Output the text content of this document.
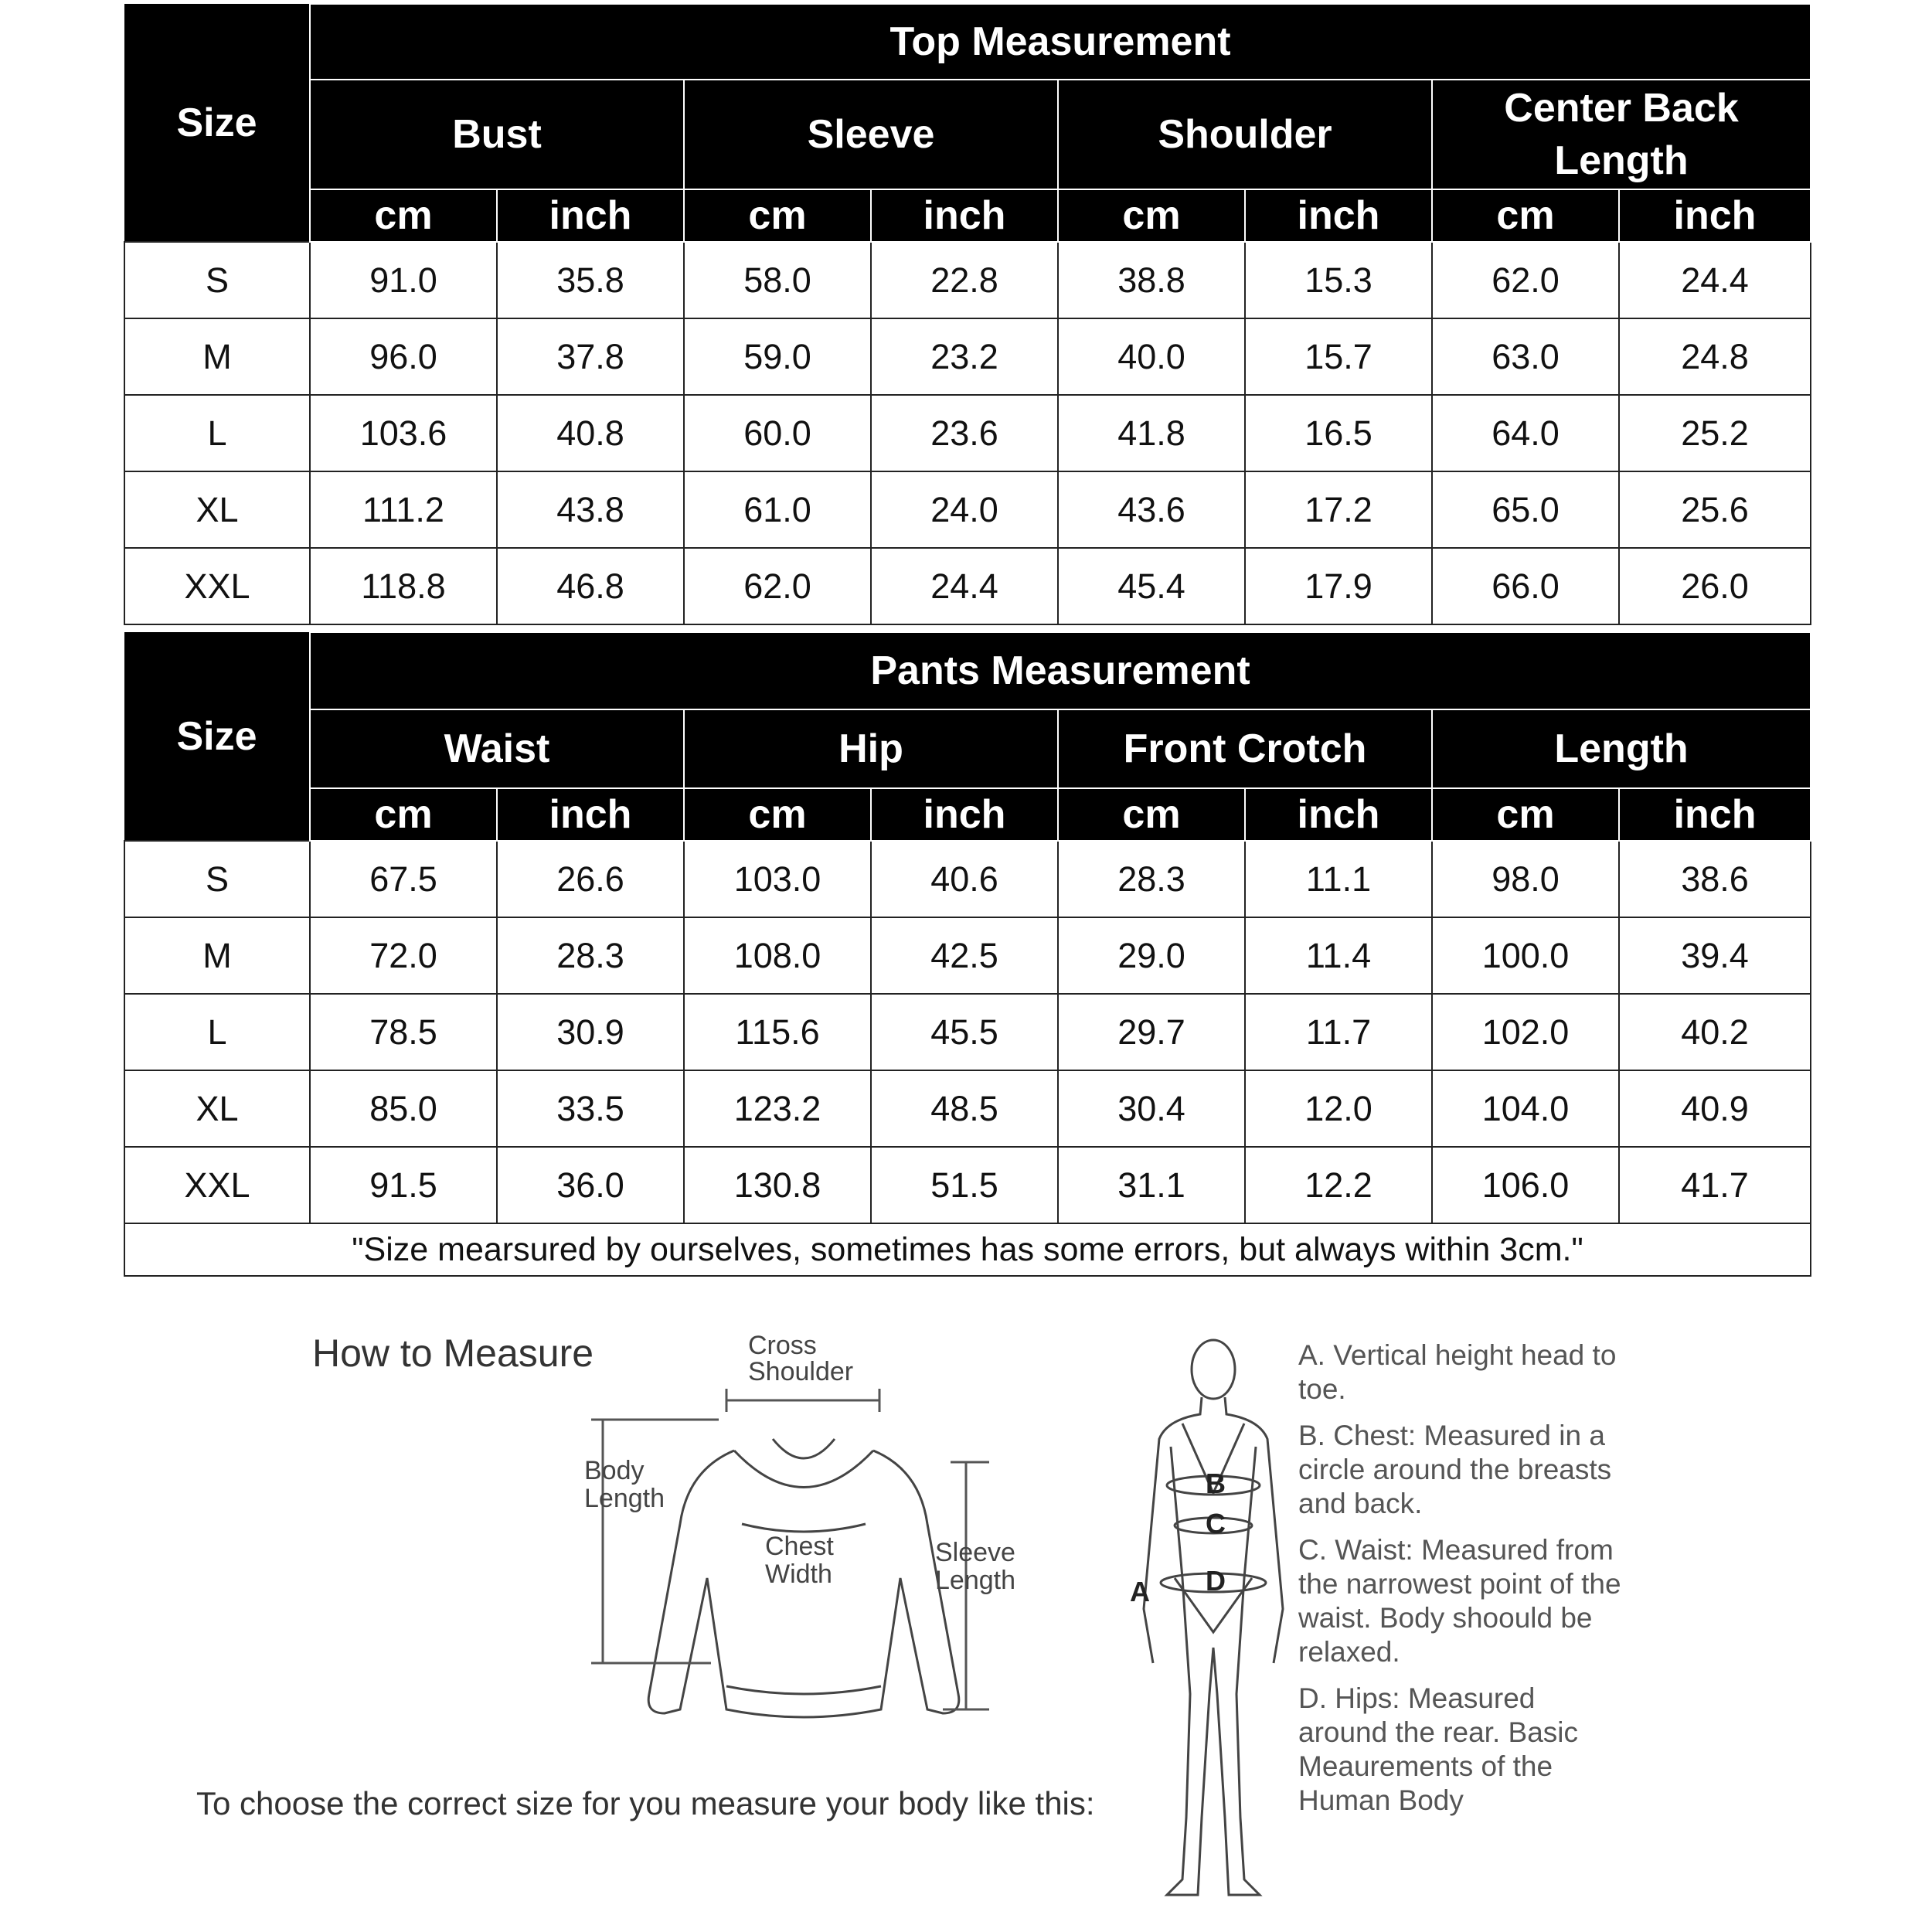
Size	Top Measurement							
	Bust		Sleeve		Shoulder		Center Back Length	
	cm	inch	cm	inch	cm	inch	cm	inch
S	91.0	35.8	58.0	22.8	38.8	15.3	62.0	24.4
M	96.0	37.8	59.0	23.2	40.0	15.7	63.0	24.8
L	103.6	40.8	60.0	23.6	41.8	16.5	64.0	25.2
XL	111.2	43.8	61.0	24.0	43.6	17.2	65.0	25.6
XXL	118.8	46.8	62.0	24.4	45.4	17.9	66.0	26.0
Size	Pants Measurement							
	Waist		Hip		Front Crotch		Length	
	cm	inch	cm	inch	cm	inch	cm	inch
S	67.5	26.6	103.0	40.6	28.3	11.1	98.0	38.6
M	72.0	28.3	108.0	42.5	29.0	11.4	100.0	39.4
L	78.5	30.9	115.6	45.5	29.7	11.7	102.0	40.2
XL	85.0	33.5	123.2	48.5	30.4	12.0	104.0	40.9
XXL	91.5	36.0	130.8	51.5	31.1	12.2	106.0	41.7
"Size mearsured by ourselves, sometimes has some errors, but always within 3cm."								
How to Measure
To choose the correct size for you measure your body like this:
Cross
Shoulder
Body
Length
Chest
Width
Sleeve
Length	A
B
C
D

A. Vertical height head to toe.

B. Chest: Measured in a circle around the breasts and back.

C. Waist: Measured from the narrowest point of the waist. Body shoould be relaxed.

D. Hips: Measured around the rear. Basic Meaurements of the Human Body
